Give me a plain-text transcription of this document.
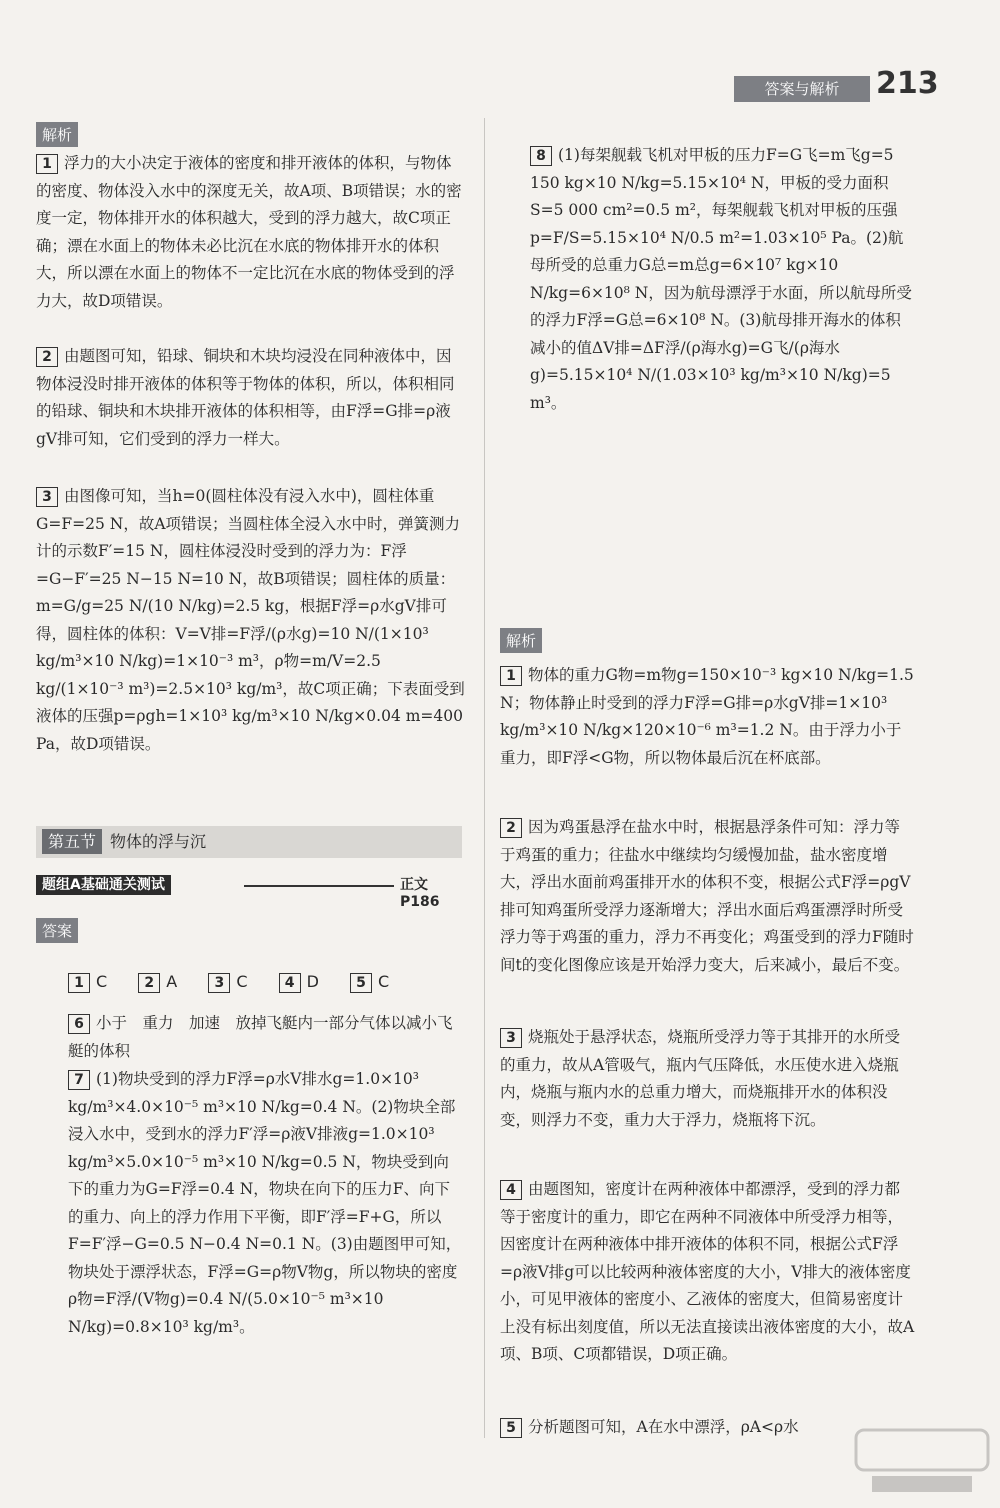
答案与解析	213
解析
1 浮力的大小决定于液体的密度和排开液体的体积，与物体的密度、物体没入水中的深度无关，故A项、B项错误；水的密度一定，物体排开水的体积越大，受到的浮力越大，故C项正确；漂在水面上的物体未必比沉在水底的物体排开水的体积大，所以漂在水面上的物体不一定比沉在水底的物体受到的浮力大，故D项错误。
2 由题图可知，铅球、铜块和木块均浸没在同种液体中，因物体浸没时排开液体的体积等于物体的体积，所以，体积相同的铅球、铜块和木块排开液体的体积相等，由F浮=G排=ρ液gV排可知，它们受到的浮力一样大。
3 由图像可知，当h=0(圆柱体没有浸入水中)，圆柱体重G=F=25 N，故A项错误；当圆柱体全浸入水中时，弹簧测力计的示数F′=15 N，圆柱体浸没时受到的浮力为：F浮=G−F′=25 N−15 N=10 N，故B项错误；圆柱体的质量：m=G/g=25 N/(10 N/kg)=2.5 kg，根据F浮=ρ水gV排可得，圆柱体的体积：V=V排=F浮/(ρ水g)=10 N/(1×10³ kg/m³×10 N/kg)=1×10⁻³ m³，ρ物=m/V=2.5 kg/(1×10⁻³ m³)=2.5×10³ kg/m³，故C项正确；下表面受到液体的压强p=ρgh=1×10³ kg/m³×10 N/kg×0.04 m=400 Pa，故D项错误。
第五节 物体的浮与沉
题组A基础通关测试	正文 P186
答案
1 C	2 A	3 C	4 D	5 C
6 小于　重力　加速　放掉飞艇内一部分气体以减小飞艇的体积
7 (1)物块受到的浮力F浮=ρ水V排水g=1.0×10³ kg/m³×4.0×10⁻⁵ m³×10 N/kg=0.4 N。(2)物块全部浸入水中，受到水的浮力F′浮=ρ液V排液g=1.0×10³ kg/m³×5.0×10⁻⁵ m³×10 N/kg=0.5 N，物块受到向下的重力为G=F浮=0.4 N，物块在向下的压力F、向下的重力、向上的浮力作用下平衡，即F′浮=F+G，所以F=F′浮−G=0.5 N−0.4 N=0.1 N。(3)由题图甲可知，物块处于漂浮状态，F浮=G=ρ物V物g，所以物块的密度ρ物=F浮/(V物g)=0.4 N/(5.0×10⁻⁵ m³×10 N/kg)=0.8×10³ kg/m³。
8 (1)每架舰载飞机对甲板的压力F=G飞=m飞g=5 150 kg×10 N/kg=5.15×10⁴ N，甲板的受力面积S=5 000 cm²=0.5 m²，每架舰载飞机对甲板的压强p=F/S=5.15×10⁴ N/0.5 m²=1.03×10⁵ Pa。(2)航母所受的总重力G总=m总g=6×10⁷ kg×10 N/kg=6×10⁸ N，因为航母漂浮于水面，所以航母所受的浮力F浮=G总=6×10⁸ N。(3)航母排开海水的体积减小的值ΔV排=ΔF浮/(ρ海水g)=G飞/(ρ海水g)=5.15×10⁴ N/(1.03×10³ kg/m³×10 N/kg)=5 m³。
解析
1 物体的重力G物=m物g=150×10⁻³ kg×10 N/kg=1.5 N；物体静止时受到的浮力F浮=G排=ρ水gV排=1×10³ kg/m³×10 N/kg×120×10⁻⁶ m³=1.2 N。由于浮力小于重力，即F浮<G物，所以物体最后沉在杯底部。
2 因为鸡蛋悬浮在盐水中时，根据悬浮条件可知：浮力等于鸡蛋的重力；往盐水中继续均匀缓慢加盐，盐水密度增大，浮出水面前鸡蛋排开水的体积不变，根据公式F浮=ρgV排可知鸡蛋所受浮力逐渐增大；浮出水面后鸡蛋漂浮时所受浮力等于鸡蛋的重力，浮力不再变化；鸡蛋受到的浮力F随时间t的变化图像应该是开始浮力变大，后来减小，最后不变。
3 烧瓶处于悬浮状态，烧瓶所受浮力等于其排开的水所受的重力，故从A管吸气，瓶内气压降低，水压使水进入烧瓶内，烧瓶与瓶内水的总重力增大，而烧瓶排开水的体积没变，则浮力不变，重力大于浮力，烧瓶将下沉。
4 由题图知，密度计在两种液体中都漂浮，受到的浮力都等于密度计的重力，即它在两种不同液体中所受浮力相等，因密度计在两种液体中排开液体的体积不同，根据公式F浮=ρ液V排g可以比较两种液体密度的大小，V排大的液体密度小，可见甲液体的密度小、乙液体的密度大，但简易密度计上没有标出刻度值，所以无法直接读出液体密度的大小，故A项、B项、C项都错误，D项正确。
5 分析题图可知，A在水中漂浮，ρA<ρ水
